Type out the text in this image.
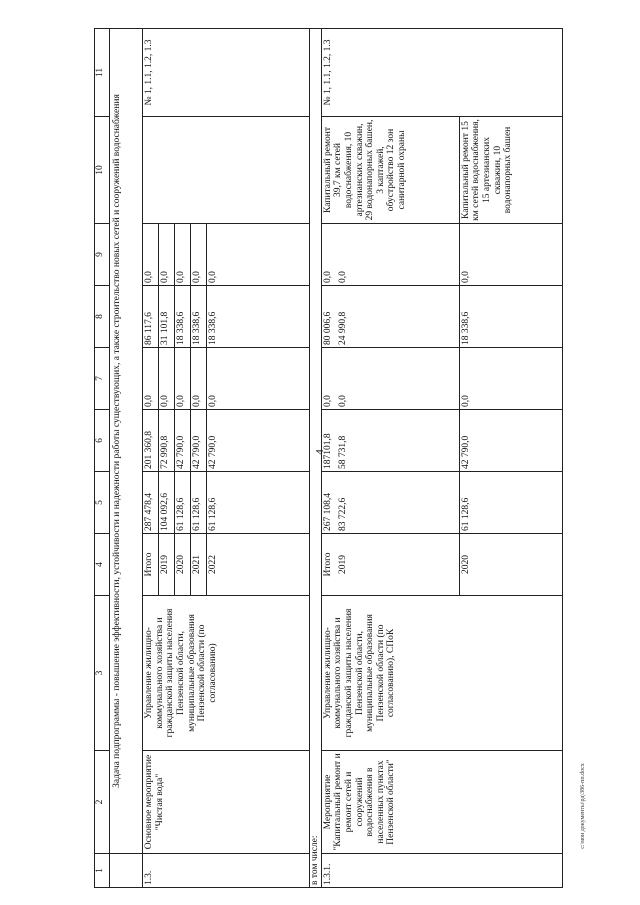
4
c:\мои документы\рд\386-пп.docx
1	2	3	4	5	6	7	8	9	10	11
	Задача подпрограммы - повышение эффективности, устойчивости и надежности работы существующих, а также строительство новых сетей и сооружений водоснабжения									
1.3.	Основное мероприятие "Чистая вода"	Управление жилищно-коммунального хозяйства и гражданской защиты населения Пензенской области, муниципальные образования Пензенской области (по согласованию)	Итого	287 478,4	201 360,8	0,0	86 117,6	0,0		№ 1, 1.1, 1.2, 1.3
			2019	104 092,6	72 990,8	0,0	31 101,8	0,0		
			2020	61 128,6	42 790,0	0,0	18 338,6	0,0		
			2021	61 128,6	42 790,0	0,0	18 338,6	0,0		
			2022	61 128,6	42 790,0	0,0	18 338,6	0,0		
в том числе:										
1.3.1.	Мероприятие "Капитальный ремонт и ремонт сетей и сооружений водоснабжения в населенных пунктах Пензенской области"	Управление жилищно-коммунального хозяйства и гражданской защиты населения Пензенской области, муниципальные образования Пензенской области (по согласованию), СПоК	Итого	267 108,4	187101,8	0,0	80 006,6	0,0	Капитальный ремонт 39,7 км сетей водоснабжения, 10 артезианских скважин, 29 водонапорных башен, 3 каптажей, обустройство 12 зон санитарной охраны	№ 1, 1.1, 1.2, 1.3
			2019	83 722,6	58 731,8	0,0	24 990,8	0,0		
			2020	61 128,6	42 790,0	0,0	18 338,6	0,0	Капитальный ремонт 15 км сетей водоснабжения, 15 артезианских скважин, 10 водонапорных башен	
